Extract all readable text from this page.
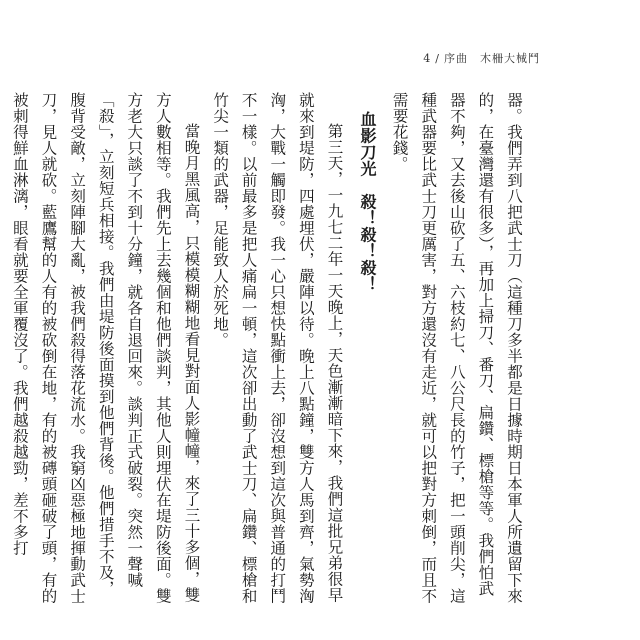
4 / 序曲　 木柵大械鬥

器。我們弄到八把武士刀（這種刀多半都是日據時期日本軍人所遺留下來的，在臺灣還有很多），再加上掃刀、番刀、扁鑽、標槍等等。我們怕武器不夠，又去後山砍了五、六枝約七、八公尺長的竹子，把一頭削尖，這種武器要比武士刀更厲害，對方還沒有走近，就可以把對方刺倒，而且不需要花錢。

血影刀光　殺！殺！殺！

第三天，一九七二年一天晚上，天色漸漸暗下來，我們這批兄弟很早就來到堤防，四處埋伏，嚴陣以待。晚上八點鐘，雙方人馬到齊，氣勢洶洶，大戰一觸即發。我一心只想快點衝上去，卻沒想到這次與普通的打鬥不一樣。以前最多是把人痛扁一頓，這次卻出動了武士刀、扁鑽、標槍和竹尖一類的武器，足能致人於死地。

當晚月黑風高，只模模糊糊地看見對面人影幢幢，來了三十多個，雙方人數相等。我們先上去幾個和他們談判，其他人則埋伏在堤防後面。雙方老大只談了不到十分鐘，就各自退回來。談判正式破裂。突然一聲喊「殺」，立刻短兵相接。我們由堤防後面摸到他們背後。他們措手不及，腹背受敵，立刻陣腳大亂，被我們殺得落花流水。我窮凶惡極地揮動武士刀，見人就砍。藍鷹幫的人有的被砍倒在地，有的被磚頭砸破了頭，有的被刺得鮮血淋漓，眼看就要全軍覆沒了。我們越殺越勁，差不多打
